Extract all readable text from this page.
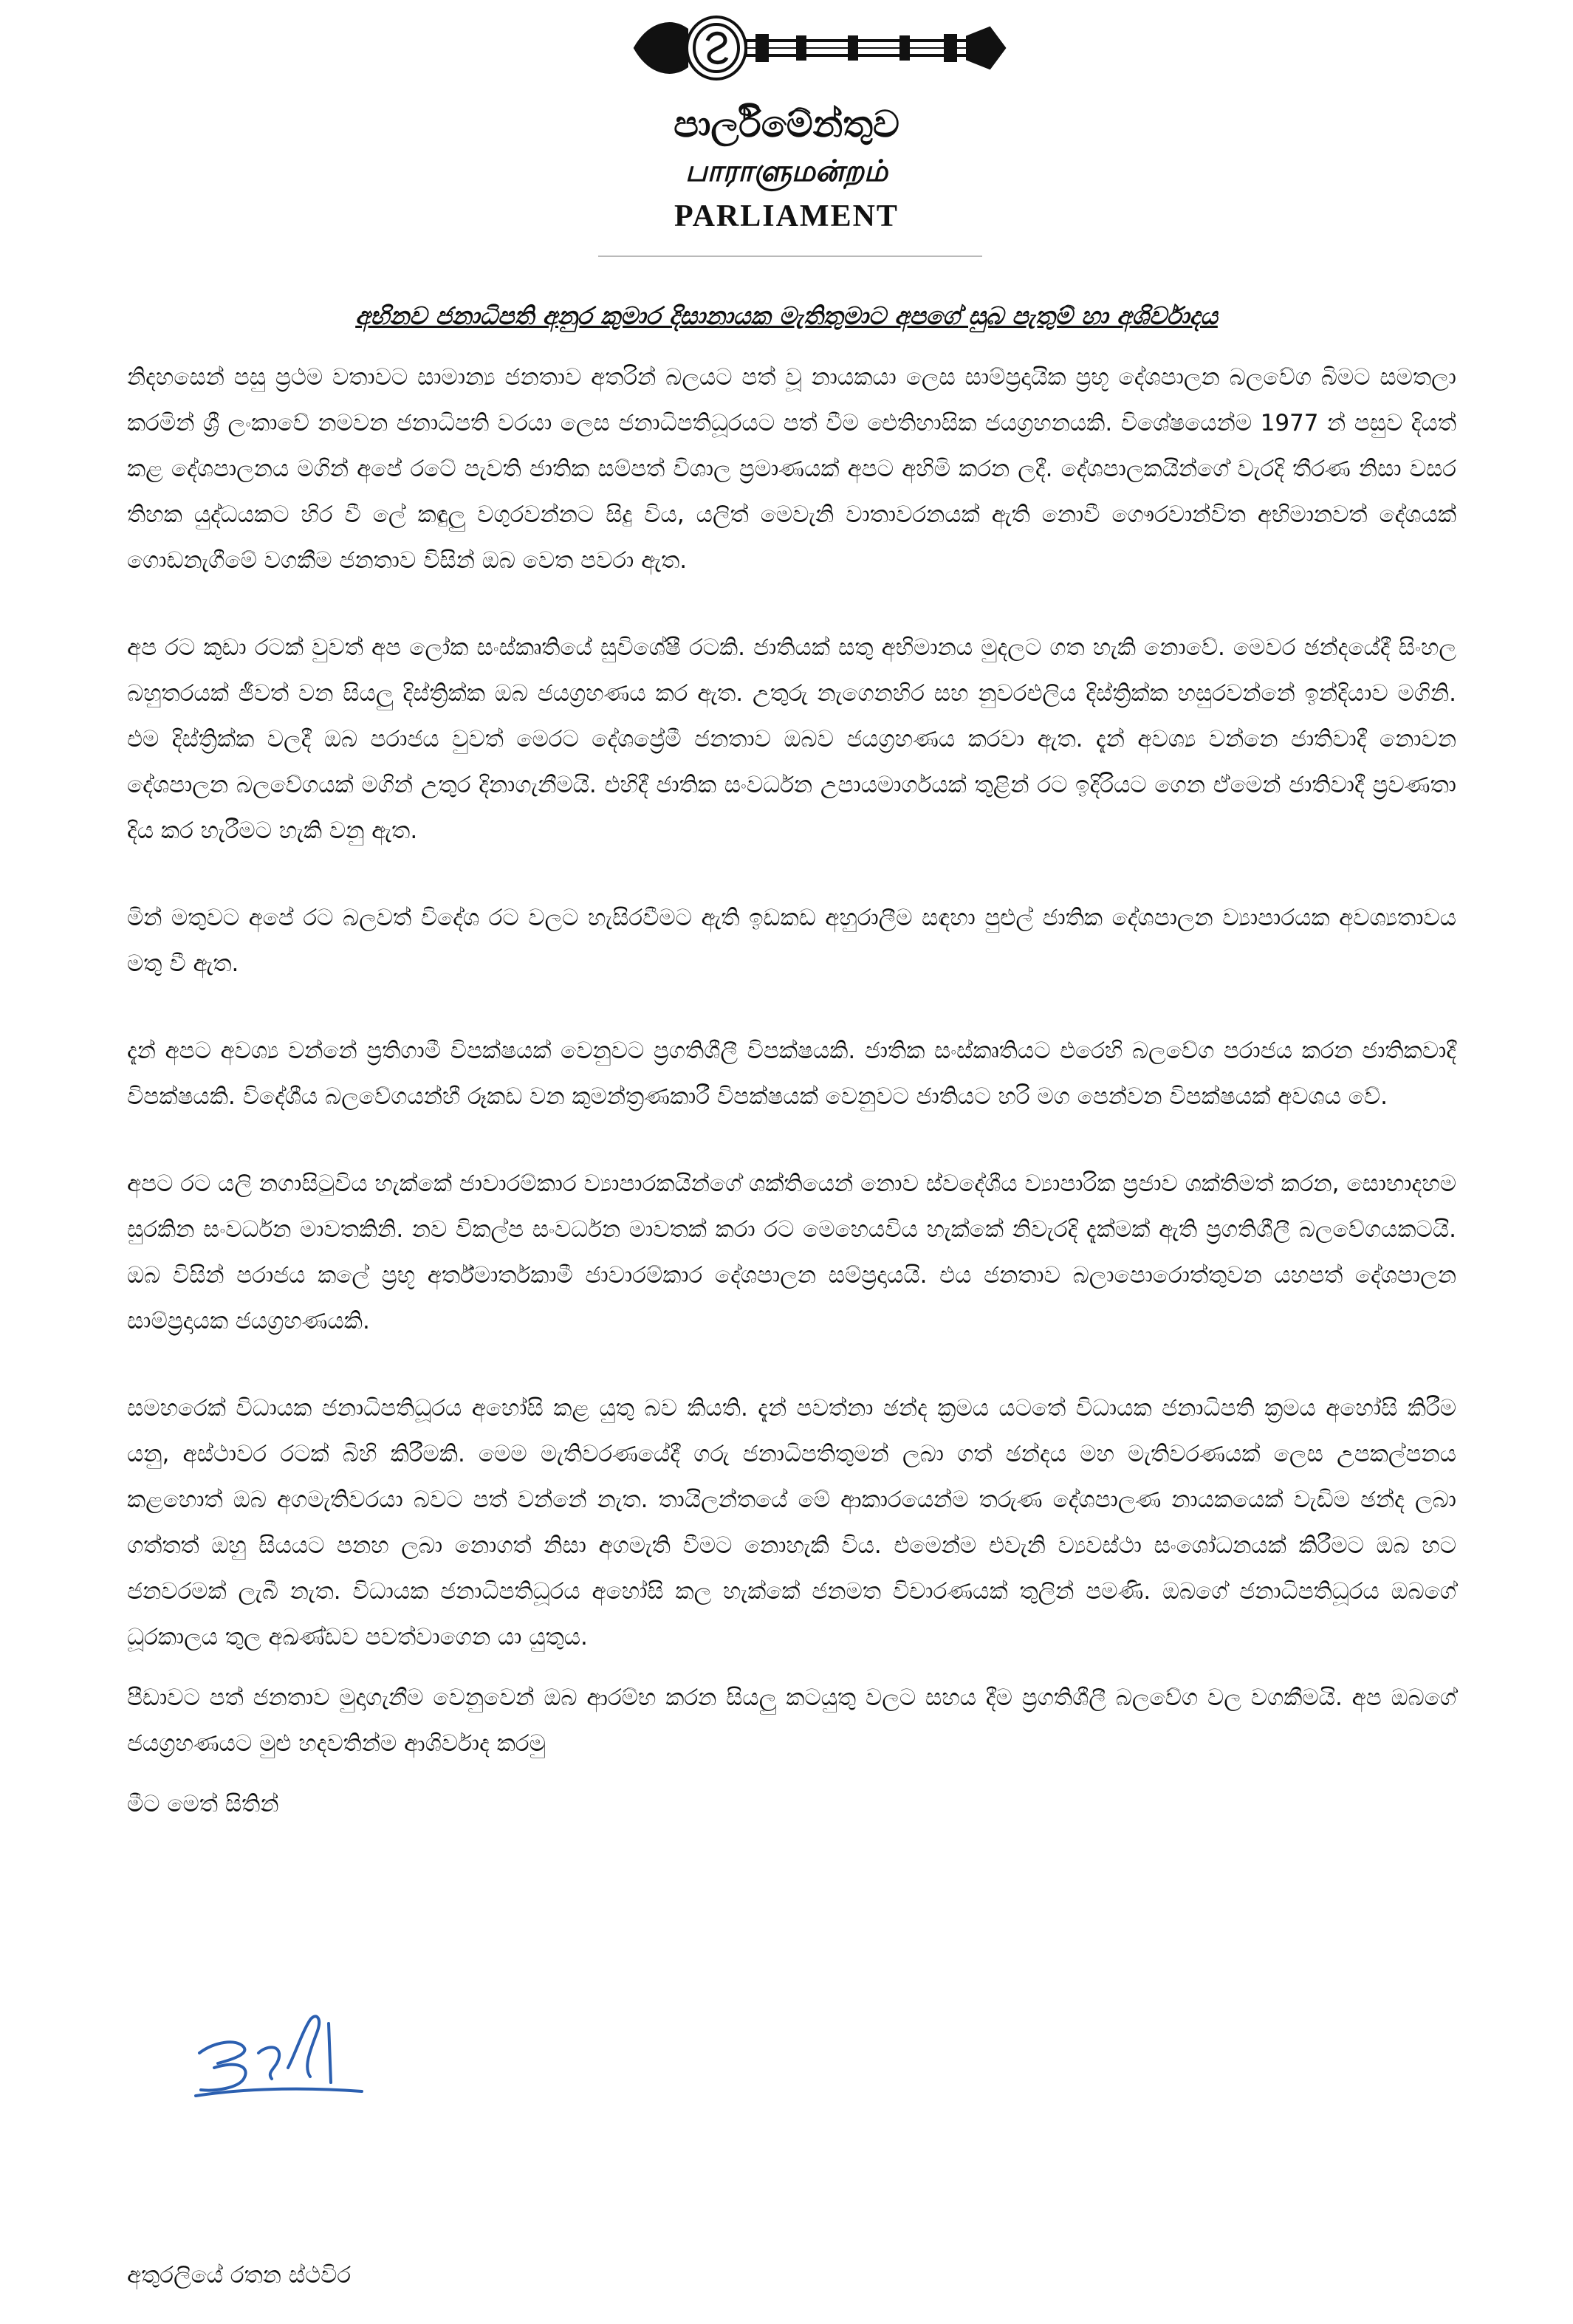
පාර්ලිමේන්තුව

பாராளுமன்றம்

PARLIAMENT

අභිනව ජනාධිපති අනුර කුමාර දිසානායක මැතිතුමාට අපගේ සුබ පැතුම් හා අශිර්වාදය

නිදහසෙන් පසු ප්‍රථම වතාවට සාමාන්‍ය ජනතාව අතරින් බලයට පත් වූ නායකයා ලෙස සාම්ප්‍රදායික ප්‍රභූ දේශපාලන බලවේග බිමට සමතලා කරමින් ශ්‍රී ලංකාවේ නමවන ජනාධිපති වරයා ලෙස ජනාධිපතිධූරයට පත් වීම ඓතිහාසික ජයග්‍රහනයකි. විශේෂයෙන්ම 1977 න් පසුව දියත් කළ දේශපාලනය මගින් අපේ රටේ පැවති ජාතික සම්පත් විශාල ප්‍රමාණයක් අපට අහිමි කරන ලදී. දේශපාලකයින්ගේ වැරදි තීරණ නිසා වසර තිහක යුද්ධයකට හිර වී ලේ කඳුලු වගුරවන්නට සිදු විය, යලිත් මෙවැනි වාතාවරනයක් ඇති නොවී ගෞරවාන්විත අභිමානවත් දේශයක් ගොඩනැගීමේ වගකීම ජනතාව විසින් ඔබ වෙත පවරා ඇත.

අප රට කුඩා රටක් වුවත් අප ලෝක සංස්කෘතියේ සුවිශේෂී රටකි. ජාතියක් සතු අභිමානය මුදලට ගත හැකි නොවේ. මෙවර ඡන්දයේදී සිංහල බහුතරයක් ජීවත් වන සියලු දිස්ත්‍රික්ක ඔබ ජයග්‍රහණය කර ඇත. උතුරු නැගෙනහිර සහ නුවරඑලිය දිස්ත්‍රික්ක හසුරවන්නේ ඉන්දියාව මගිනි. එම දිස්ත්‍රික්ක වලදී ඔබ පරාජය වුවත් මෙරට දේශප්‍රේමී ජනතාව ඔබව ජයග්‍රහණය කරවා ඇත. දැන් අවශ්‍ය වන්නෙ ජාතිවාදී නොවන දේශපාලන බලවේගයක් මගින් උතුර දිනාගැනීමයි. එහිදී ජාතික සංවර්ධන උපායමාර්ගයක් තුළින් රට ඉදිරියට ගෙන ඒමෙන් ජාතිවාදී ප්‍රවණතා දිය කර හැරීමට හැකි වනු ඇත.

මින් මතුවට අපේ රට බලවත් විදේශ රට වලට හැසිරවීමට ඇති ඉඩකඩ අහුරාලීම සඳහා පුළුල් ජාතික දේශපාලන ව්‍යාපාරයක අවශ්‍යතාවය මතු වී ඇත.

දැන් අපට අවශ්‍ය වන්නේ ප්‍රතිගාමී විපක්ෂයක් වෙනුවට ප්‍රගතිශීලී විපක්ෂයකි. ජාතික සංස්කෘතියට එරෙහි බලවේග පරාජය කරන ජාතිකවාදී විපක්ෂයකි. විදේශීය බලවේගයන්හී රූකඩ වන කුමන්ත්‍රණකාරී විපක්ෂයක් වෙනුවට ජාතියට හරි මග පෙන්වන විපක්ෂයක් අවශය වේ.

අපට රට යලි නගාසිටුවිය හැක්කේ ජාවාරම්කාර ව්‍යාපාරකයින්ගේ ශක්තියෙන් නොව ස්වදේශීය ව්‍යාපාරික ප්‍රජාව ශක්තිමත් කරන, සොභාදහම සුරකින සංවර්ධන මාවතකිනි. නව විකල්ප සංවර්ධන මාවතක් කරා රට මෙහෙයවිය හැක්කේ නිවැරදි දැක්මක් ඇති ප්‍රගතිශීලී බලවේගයකටයි. ඔබ විසින් පරාජය කලේ ප්‍රභූ අර්ත්මාර්තකාමී ජාවාරම්කාර දේශපාලන සම්ප්‍රදායයි. එය ජනතාව බලාපොරොත්තුවන යහපත් දේශපාලන සාම්ප්‍රදායක ජයග්‍රහණයකි.

සමහරෙක් විධායක ජනාධිපතිධූරය අහෝසි කළ යුතු බව කියති. දැන් පවත්නා ඡන්ද ක්‍රමය යටතේ විධායක ජනාධිපති ක්‍රමය අහෝසි කිරීම යනු, අස්ථාවර රටක් බිහි කිරීමකි. මෙම මැතිවරණයේදී ගරු ජනාධිපතිතුමන් ලබා ගත් ඡන්දය මහ මැතිවරණයක් ලෙස උපකල්පනය කළහොත් ඔබ අගමැතිවරයා බවට පත් වන්නේ නැත. තායිලන්තයේ මේ ආකාරයෙන්ම තරුණ දේශපාලණ නායකයෙක් වැඩිම ඡන්ද ලබා ගත්තත් ඔහු සියයට පනහ ලබා නොගත් නිසා අගමැති වීමට නොහැකි විය. එමෙන්ම එවැනි ව්‍යවස්ථා සංශෝධනයක් කිරීමට ඔබ හට ජනවරමක් ලැබී නැත. විධායක ජනාධිපතිධූරය අහෝසි කල හැක්කේ ජනමත විචාරණයක් තුලින් පමණි. ඔබගේ ජනාධිපතිධූරය ඔබගේ ධූරකාලය තුල අඛණ්ඩව පවත්වාගෙන යා යුතුය.

පීඩාවට පත් ජනතාව මුදාගැනීම වෙනුවෙන් ඔබ ආරම්භ කරන සියලු කටයුතු වලට සහය දීම ප්‍රගතිශීලී බලවේග වල වගකීමයි. අප ඔබගේ ජයග්‍රහණයට මුළු හදවතින්ම ආශිර්වාද කරමු

මීට මෙත් සිතින්

අතුරලියේ රතන ස්ථවිර
